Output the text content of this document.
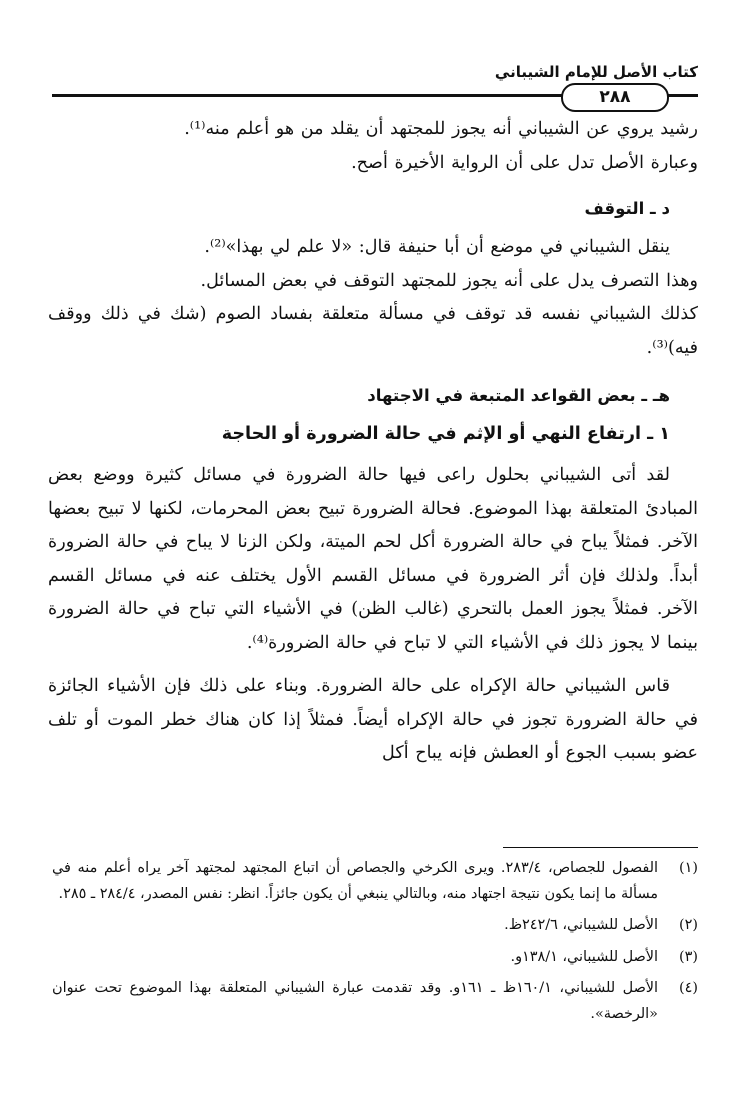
كتاب الأصل للإمام الشيباني
٢٨٨

رشيد يروي عن الشيباني أنه يجوز للمجتهد أن يقلد من هو أعلم منه⁽¹⁾.

وعبارة الأصل تدل على أن الرواية الأخيرة أصح.

د ـ التوقف

ينقل الشيباني في موضع أن أبا حنيفة قال: «لا علم لي بهذا»⁽²⁾.

وهذا التصرف يدل على أنه يجوز للمجتهد التوقف في بعض المسائل.

كذلك الشيباني نفسه قد توقف في مسألة متعلقة بفساد الصوم (شك في ذلك ووقف فيه)⁽³⁾.

هـ ـ بعض القواعد المتبعة في الاجتهاد

١ ـ ارتفاع النهي أو الإثم في حالة الضرورة أو الحاجة

لقد أتى الشيباني بحلول راعى فيها حالة الضرورة في مسائل كثيرة ووضع بعض المبادئ المتعلقة بهذا الموضوع. فحالة الضرورة تبيح بعض المحرمات، لكنها لا تبيح بعضها الآخر. فمثلاً يباح في حالة الضرورة أكل لحم الميتة، ولكن الزنا لا يباح في حالة الضرورة أبداً. ولذلك فإن أثر الضرورة في مسائل القسم الأول يختلف عنه في مسائل القسم الآخر. فمثلاً يجوز العمل بالتحري (غالب الظن) في الأشياء التي تباح في حالة الضرورة بينما لا يجوز ذلك في الأشياء التي لا تباح في حالة الضرورة⁽⁴⁾.

قاس الشيباني حالة الإكراه على حالة الضرورة. وبناء على ذلك فإن الأشياء الجائزة في حالة الضرورة تجوز في حالة الإكراه أيضاً. فمثلاً إذا كان هناك خطر الموت أو تلف عضو بسبب الجوع أو العطش فإنه يباح أكل

(١)
الفصول للجصاص، ٢٨٣/٤. ويرى الكرخي والجصاص أن اتباع المجتهد لمجتهد آخر يراه أعلم منه في مسألة ما إنما يكون نتيجة اجتهاد منه، وبالتالي ينبغي أن يكون جائزاً. انظر: نفس المصدر، ٢٨٤/٤ ـ ٢٨٥.
(٢)
الأصل للشيباني، ٢٤٢/٦ظ.
(٣)
الأصل للشيباني، ١٣٨/١و.
(٤)
الأصل للشيباني، ١٦٠/١ظ ـ ١٦١و. وقد تقدمت عبارة الشيباني المتعلقة بهذا الموضوع تحت عنوان «الرخصة».
